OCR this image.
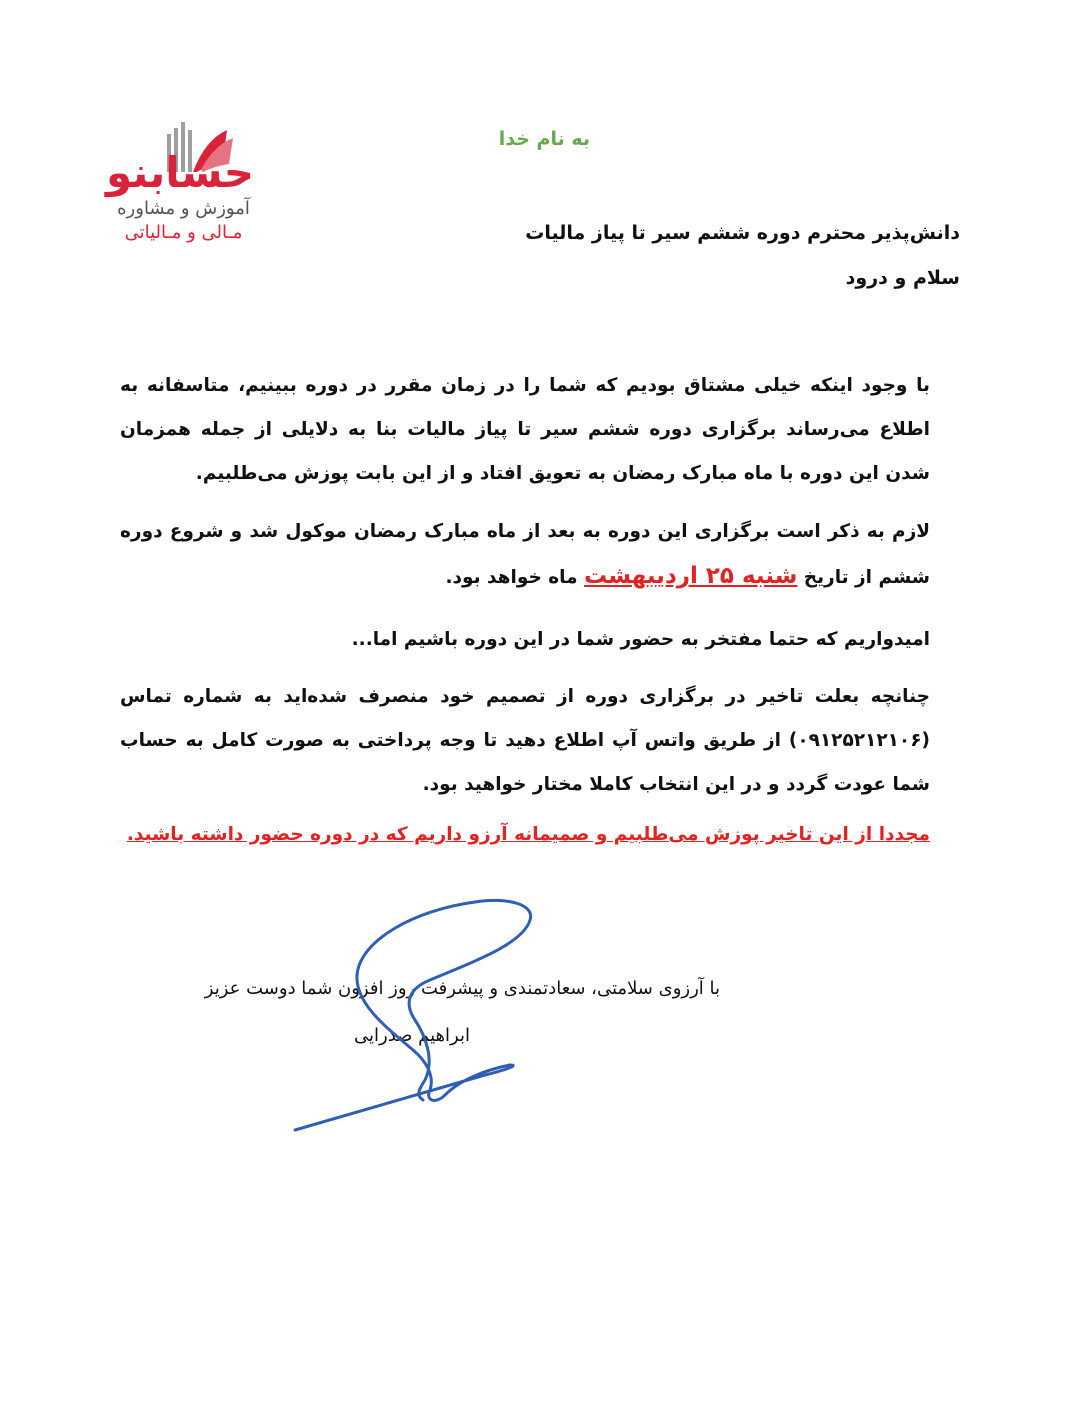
به نام خدا
حسابنو
آموزش و مشاوره
مـالی و مـالیاتی	دانش‌پذیر محترم دوره ششم سیر تا پیاز مالیات
سلام و درود
با وجود اینکه خیلی مشتاق بودیم که شما را در زمان مقرر در دوره ببینیم، متاسفانه به اطلاع می‌رساند برگزاری دوره ششم سیر تا پیاز مالیات بنا به دلایلی از جمله همزمان شدن این دوره با ماه مبارک رمضان به تعویق افتاد و از این بابت پوزش می‌طلبیم.
لازم به ذکر است برگزاری این دوره به بعد از ماه مبارک رمضان موکول شد و شروع دوره ششم از تاریخ شنبه ۲۵ اردیبهشت ماه خواهد بود.
امیدواریم که حتما مفتخر به حضور شما در این دوره باشیم اما...
چنانچه بعلت تاخیر در برگزاری دوره از تصمیم خود منصرف شده‌اید به شماره تماس (۰۹۱۲۵۲۱۲۱۰۶) از طریق واتس آپ اطلاع دهید تا وجه پرداختی به صورت کامل به حساب شما عودت گردد و در این انتخاب کاملا مختار خواهید بود.
مجددا از این تاخیر پوزش می‌طلبیم و صمیمانه آرزو داریم که در دوره حضور داشته باشید.
با آرزوی سلامتی، سعادتمندی و پیشرفت روز افزون شما دوست عزیز
ابراهیم صدرایی
